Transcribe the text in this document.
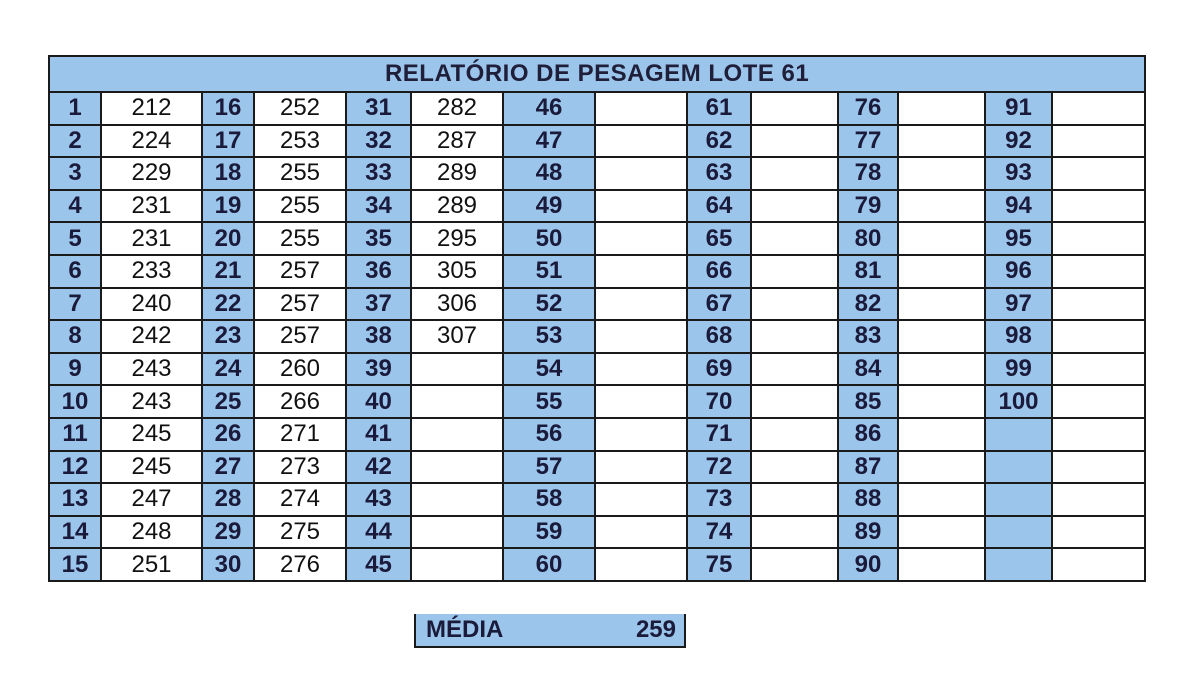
RELATÓRIO DE PESAGEM LOTE 61													
1	212	16	252	31	282	46		61		76		91	
2	224	17	253	32	287	47		62		77		92	
3	229	18	255	33	289	48		63		78		93	
4	231	19	255	34	289	49		64		79		94	
5	231	20	255	35	295	50		65		80		95	
6	233	21	257	36	305	51		66		81		96	
7	240	22	257	37	306	52		67		82		97	
8	242	23	257	38	307	53		68		83		98	
9	243	24	260	39		54		69		84		99	
10	243	25	266	40		55		70		85		100	
11	245	26	271	41		56		71		86			
12	245	27	273	42		57		72		87			
13	247	28	274	43		58		73		88			
14	248	29	275	44		59		74		89			
15	251	30	276	45		60		75		90			
MÉDIA	259
